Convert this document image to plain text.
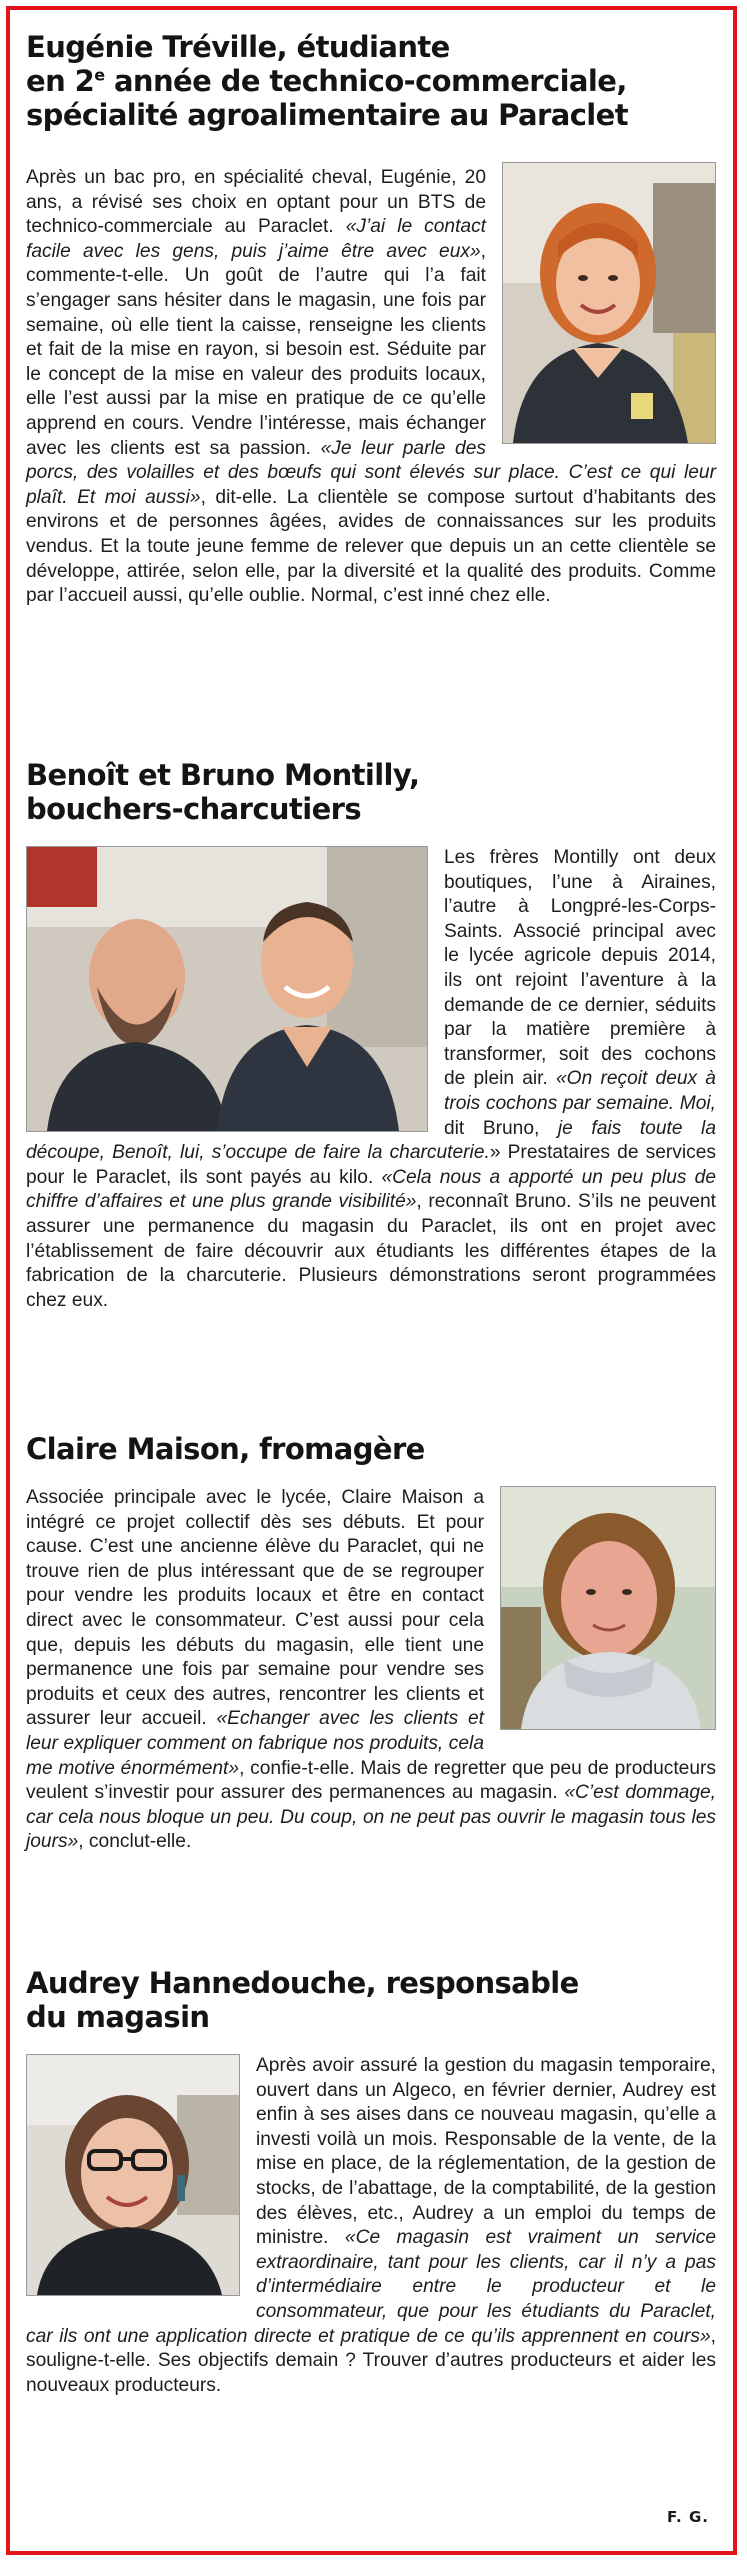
Eugénie Tréville, étudiante
en 2e année de technico-commerciale,
spécialité agroalimentaire au Paraclet

Après un bac pro, en spécialité cheval, Eugénie, 20 ans, a révisé ses choix en optant pour un BTS de technico-commerciale au Paraclet. «J’ai le contact facile avec les gens, puis j’aime être avec eux», commente-t-elle. Un goût de l’autre qui l’a fait s’engager sans hésiter dans le magasin, une fois par semaine, où elle tient la caisse, renseigne les clients et fait de la mise en rayon, si besoin est. Séduite par le concept de la mise en valeur des produits locaux, elle l’est aussi par la mise en pratique de ce qu’elle apprend en cours. Vendre l’intéresse, mais échanger avec les clients est sa passion. «Je leur parle des porcs, des volailles et des bœufs qui sont élevés sur place. C’est ce qui leur plaît. Et moi aussi», dit-elle. La clientèle se compose surtout d’habitants des environs et de personnes âgées, avides de connaissances sur les produits vendus. Et la toute jeune femme de relever que depuis un an cette clientèle se développe, attirée, selon elle, par la diversité et la qualité des produits. Comme par l’accueil aussi, qu’elle oublie. Normal, c’est inné chez elle.

Benoît et Bruno Montilly,
bouchers-charcutiers

Les frères Montilly ont deux boutiques, l’une à Airaines, l’autre à Longpré-les-Corps-Saints. Associé principal avec le lycée agricole depuis 2014, ils ont rejoint l’aventure à la demande de ce dernier, séduits par la matière première à transformer, soit des cochons de plein air. «On reçoit deux à trois cochons par semaine. Moi, dit Bruno, je fais toute la découpe, Benoît, lui, s’occupe de faire la charcuterie.» Prestataires de services pour le Paraclet, ils sont payés au kilo. «Cela nous a apporté un peu plus de chiffre d’affaires et une plus grande visibilité», reconnaît Bruno. S’ils ne peuvent assurer une permanence du magasin du Paraclet, ils ont en projet avec l’établissement de faire découvrir aux étudiants les différentes étapes de la fabrication de la charcuterie. Plusieurs démonstrations seront programmées chez eux.

Claire Maison, fromagère

Associée principale avec le lycée, Claire Maison a intégré ce projet collectif dès ses débuts. Et pour cause. C’est une ancienne élève du Paraclet, qui ne trouve rien de plus intéressant que de se regrouper pour vendre les produits locaux et être en contact direct avec le consommateur. C’est aussi pour cela que, depuis les débuts du magasin, elle tient une permanence une fois par semaine pour vendre ses produits et ceux des autres, rencontrer les clients et assurer leur accueil. «Echanger avec les clients et leur expliquer comment on fabrique nos produits, cela me motive énormément», confie-t-elle. Mais de regretter que peu de producteurs veulent s’investir pour assurer des permanences au magasin. «C’est dommage, car cela nous bloque un peu. Du coup, on ne peut pas ouvrir le magasin tous les jours», conclut-elle.

Audrey Hannedouche, responsable
du magasin

Après avoir assuré la gestion du magasin temporaire, ouvert dans un Algeco, en février dernier, Audrey est enfin à ses aises dans ce nouveau magasin, qu’elle a investi voilà un mois. Responsable de la vente, de la mise en place, de la réglementation, de la gestion de stocks, de l’abattage, de la comptabilité, de la gestion des élèves, etc., Audrey a un emploi du temps de ministre. «Ce magasin est vraiment un service extraordinaire, tant pour les clients, car il n’y a pas d’intermédiaire entre le producteur et le consommateur, que pour les étudiants du Paraclet, car ils ont une application directe et pratique de ce qu’ils apprennent en cours», souligne-t-elle. Ses objectifs demain ? Trouver d’autres producteurs et aider les nouveaux producteurs.

F. G.
